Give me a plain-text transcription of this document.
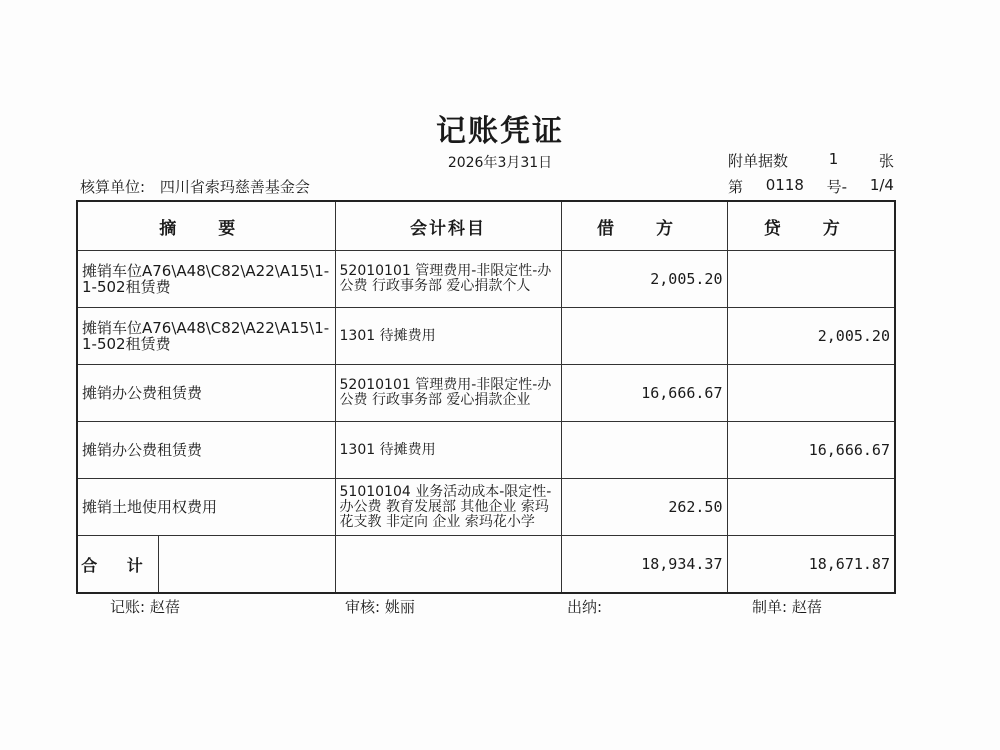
记账凭证
2026年3月31日	附单据数	1	张
核算单位: 四川省索玛慈善基金会	第 0118 号- 1/4
摘 要	会计科目	借 方	贷 方
摊销车位A76\A48\C82\A22\A15\1-1-502租赁费	52010101 管理费用-非限定性-办公费 行政事务部 爱心捐款个人	2,005.20	
摊销车位A76\A48\C82\A22\A15\1-1-502租赁费	1301 待摊费用		2,005.20
摊销办公费租赁费	52010101 管理费用-非限定性-办公费 行政事务部 爱心捐款企业	16,666.67	
摊销办公费租赁费	1301 待摊费用		16,666.67
摊销土地使用权费用	51010104 业务活动成本-限定性-办公费 教育发展部 其他企业 索玛花支教 非定向 企业 索玛花小学	262.50	

合 计		18,934.37	18,671.87
记账: 赵蓓	审核: 姚丽	出纳:	制单: 赵蓓
